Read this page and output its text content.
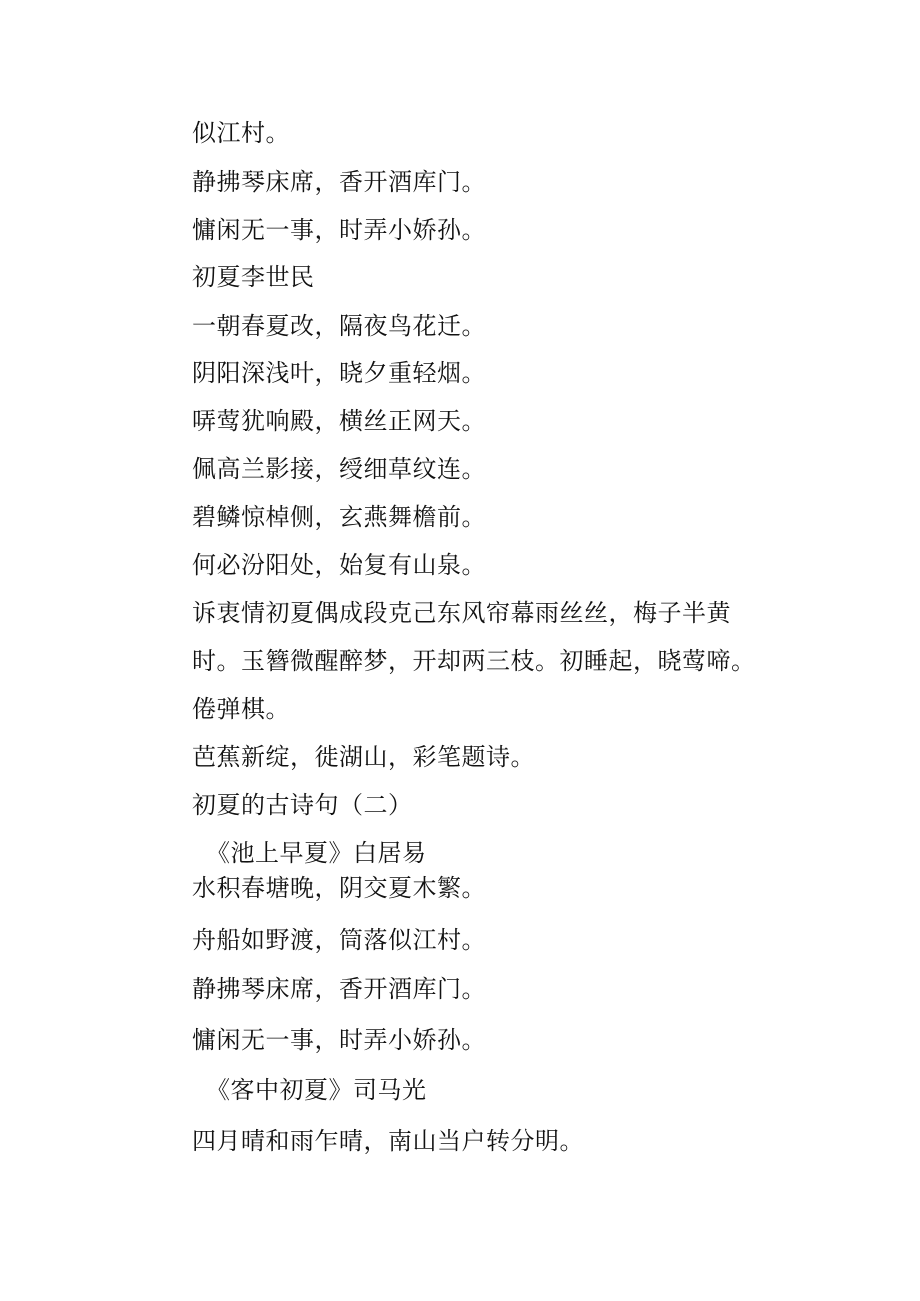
似江村。
静拂琴床席，香开酒库门。
慵闲无一事，时弄小娇孙。
初夏李世民
一朝春夏改，隔夜鸟花迁。
阴阳深浅叶，晓夕重轻烟。
哢莺犹响殿，横丝正网天。
佩高兰影接，绶细草纹连。
碧鳞惊棹侧，玄燕舞檐前。
何必汾阳处，始复有山泉。
诉衷情初夏偶成段克己东风帘幕雨丝丝，梅子半黄
时。玉簪微醒醉梦，开却两三枝。初睡起，晓莺啼。
倦弹棋。
芭蕉新绽，徙湖山，彩笔题诗。
初夏的古诗句（二）
《池上早夏》白居易
水积春塘晚，阴交夏木繁。
舟船如野渡，筒落似江村。
静拂琴床席，香开酒库门。
慵闲无一事，时弄小娇孙。
《客中初夏》司马光
四月晴和雨乍晴，南山当户转分明。
